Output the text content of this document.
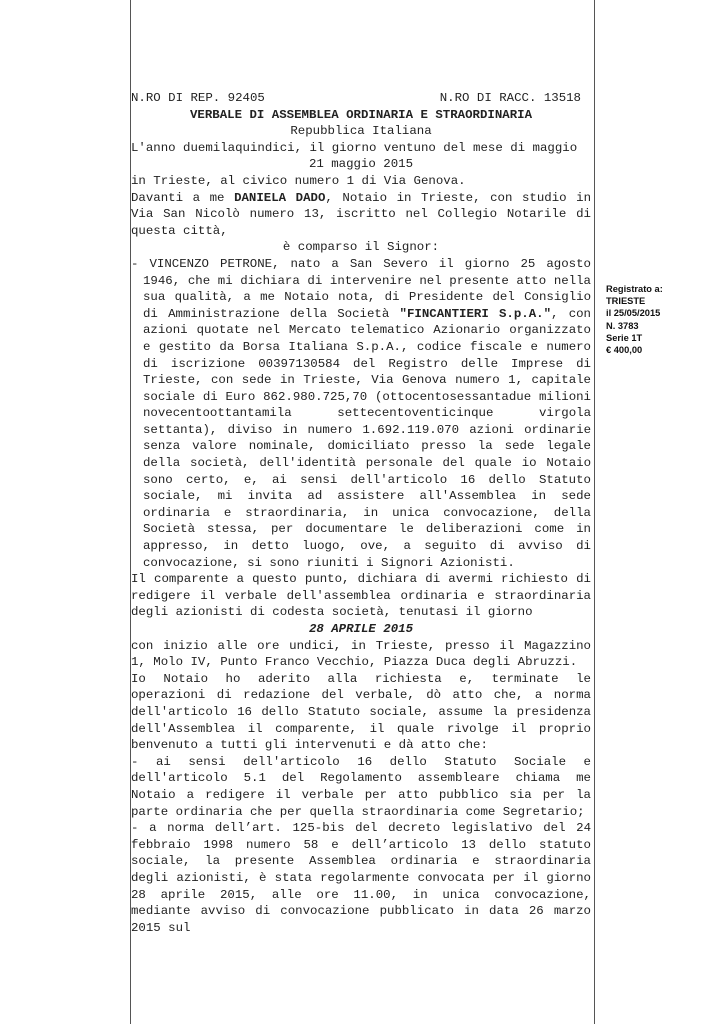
N.RO DI REP. 92405	N.RO DI RACC. 13518

VERBALE DI ASSEMBLEA ORDINARIA E STRAORDINARIA

Repubblica Italiana

L'anno duemilaquindici, il giorno ventuno del mese di maggio

21 maggio 2015

in Trieste, al civico numero 1 di Via Genova.

Davanti a me DANIELA DADO, Notaio in Trieste, con studio in Via San Nicolò numero 13, iscritto nel Collegio Notarile di questa città,

è comparso il Signor:

- VINCENZO PETRONE, nato a San Severo il giorno 25 agosto 1946, che mi dichiara di intervenire nel presente atto nella sua qualità, a me Notaio nota, di Presidente del Consiglio di Amministrazione della Società "FINCANTIERI S.p.A.", con azioni quotate nel Mercato telematico Azionario organizzato e gestito da Borsa Italiana S.p.A., codice fiscale e numero di iscrizione 00397130584 del Registro delle Imprese di Trieste, con sede in Trieste, Via Genova numero 1, capitale sociale di Euro 862.980.725,70 (ottocentosessantadue milioni novecentoottantamila settecentoventicinque virgola settanta), diviso in numero 1.692.119.070 azioni ordinarie senza valore nominale, domiciliato presso la sede legale della società, dell'identità personale del quale io Notaio sono certo, e, ai sensi dell'articolo 16 dello Statuto sociale, mi invita ad assistere all'Assemblea in sede ordinaria e straordinaria, in unica convocazione, della Società stessa, per documentare le deliberazioni come in appresso, in detto luogo, ove, a seguito di avviso di convocazione, si sono riuniti i Signori Azionisti.

Il comparente a questo punto, dichiara di avermi richiesto di redigere il verbale dell'assemblea ordinaria e straordinaria degli azionisti di codesta società, tenutasi il giorno

28 APRILE 2015

con inizio alle ore undici, in Trieste, presso il Magazzino 1, Molo IV, Punto Franco Vecchio, Piazza Duca degli Abruzzi.

Io Notaio ho aderito alla richiesta e, terminate le operazioni di redazione del verbale, dò atto che, a norma dell'articolo 16 dello Statuto sociale, assume la presidenza dell'Assemblea il comparente, il quale rivolge il proprio benvenuto a tutti gli intervenuti e dà atto che:

- ai sensi dell'articolo 16 dello Statuto Sociale e dell'articolo 5.1 del Regolamento assembleare chiama me Notaio a redigere il verbale per atto pubblico sia per la parte ordinaria che per quella straordinaria come Segretario;

- a norma dell’art. 125-bis del decreto legislativo del 24 febbraio 1998 numero 58 e dell’articolo 13 dello statuto sociale, la presente Assemblea ordinaria e straordinaria degli azionisti, è stata regolarmente convocata per il giorno 28 aprile 2015, alle ore 11.00, in unica convocazione, mediante avviso di convocazione pubblicato in data 26 marzo 2015 sul

Registrato a:
TRIESTE
il 25/05/2015
N. 3783
Serie 1T
€ 400,00
